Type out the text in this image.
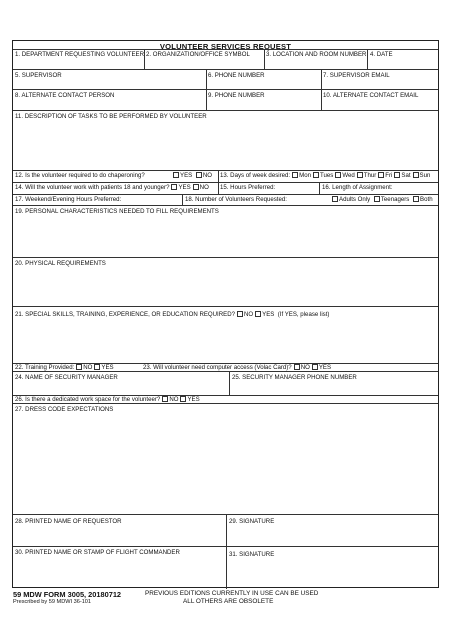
VOLUNTEER SERVICES REQUEST
1. DEPARTMENT REQUESTING VOLUNTEER 2. ORGANIZATION/OFFICE SYMBOL	3. LOCATION AND ROOM NUMBER 4. DATE
5. SUPERVISOR	6. PHONE NUMBER	7. SUPERVISOR EMAIL
8. ALTERNATE CONTACT PERSON	9. PHONE NUMBER	10. ALTERNATE CONTACT EMAIL
11. DESCRIPTION OF TASKS TO BE PERFORMED BY VOLUNTEER
12. Is the volunteer required to do chaperoning?	YES NO 13. Days of week desired: Mon Tues Wed Thur Fri Sat Sun
14. Will the volunteer work with patients 18 and younger? YES NO 15. Hours Preferred:	16. Length of Assignment:
17. Weekend/Evening Hours Preferred:	18. Number of Volunteers Requested:	Adults Only Teenagers Both
19. PERSONAL CHARACTERISTICS NEEDED TO FILL REQUIREMENTS
20. PHYSICAL REQUIREMENTS
21. SPECIAL SKILLS, TRAINING, EXPERIENCE, OR EDUCATION REQUIRED? NO YES (If YES, please list)
22. Training Provided: NO YES	23. Will volunteer need computer access (Volac Card)? NO YES
24. NAME OF SECURITY MANAGER	25. SECURITY MANAGER PHONE NUMBER
26. Is there a dedicated work space for the volunteer? NO YES
27. DRESS CODE EXPECTATIONS
28. PRINTED NAME OF REQUESTOR	29. SIGNATURE
30. PRINTED NAME OR STAMP OF FLIGHT COMMANDER	31. SIGNATURE
59 MDW FORM 3005, 20180712
Prescribed by 59 MDWI 36-101
PREVIOUS EDITIONS CURRENTLY IN USE CAN BE USED
ALL OTHERS ARE OBSOLETE
